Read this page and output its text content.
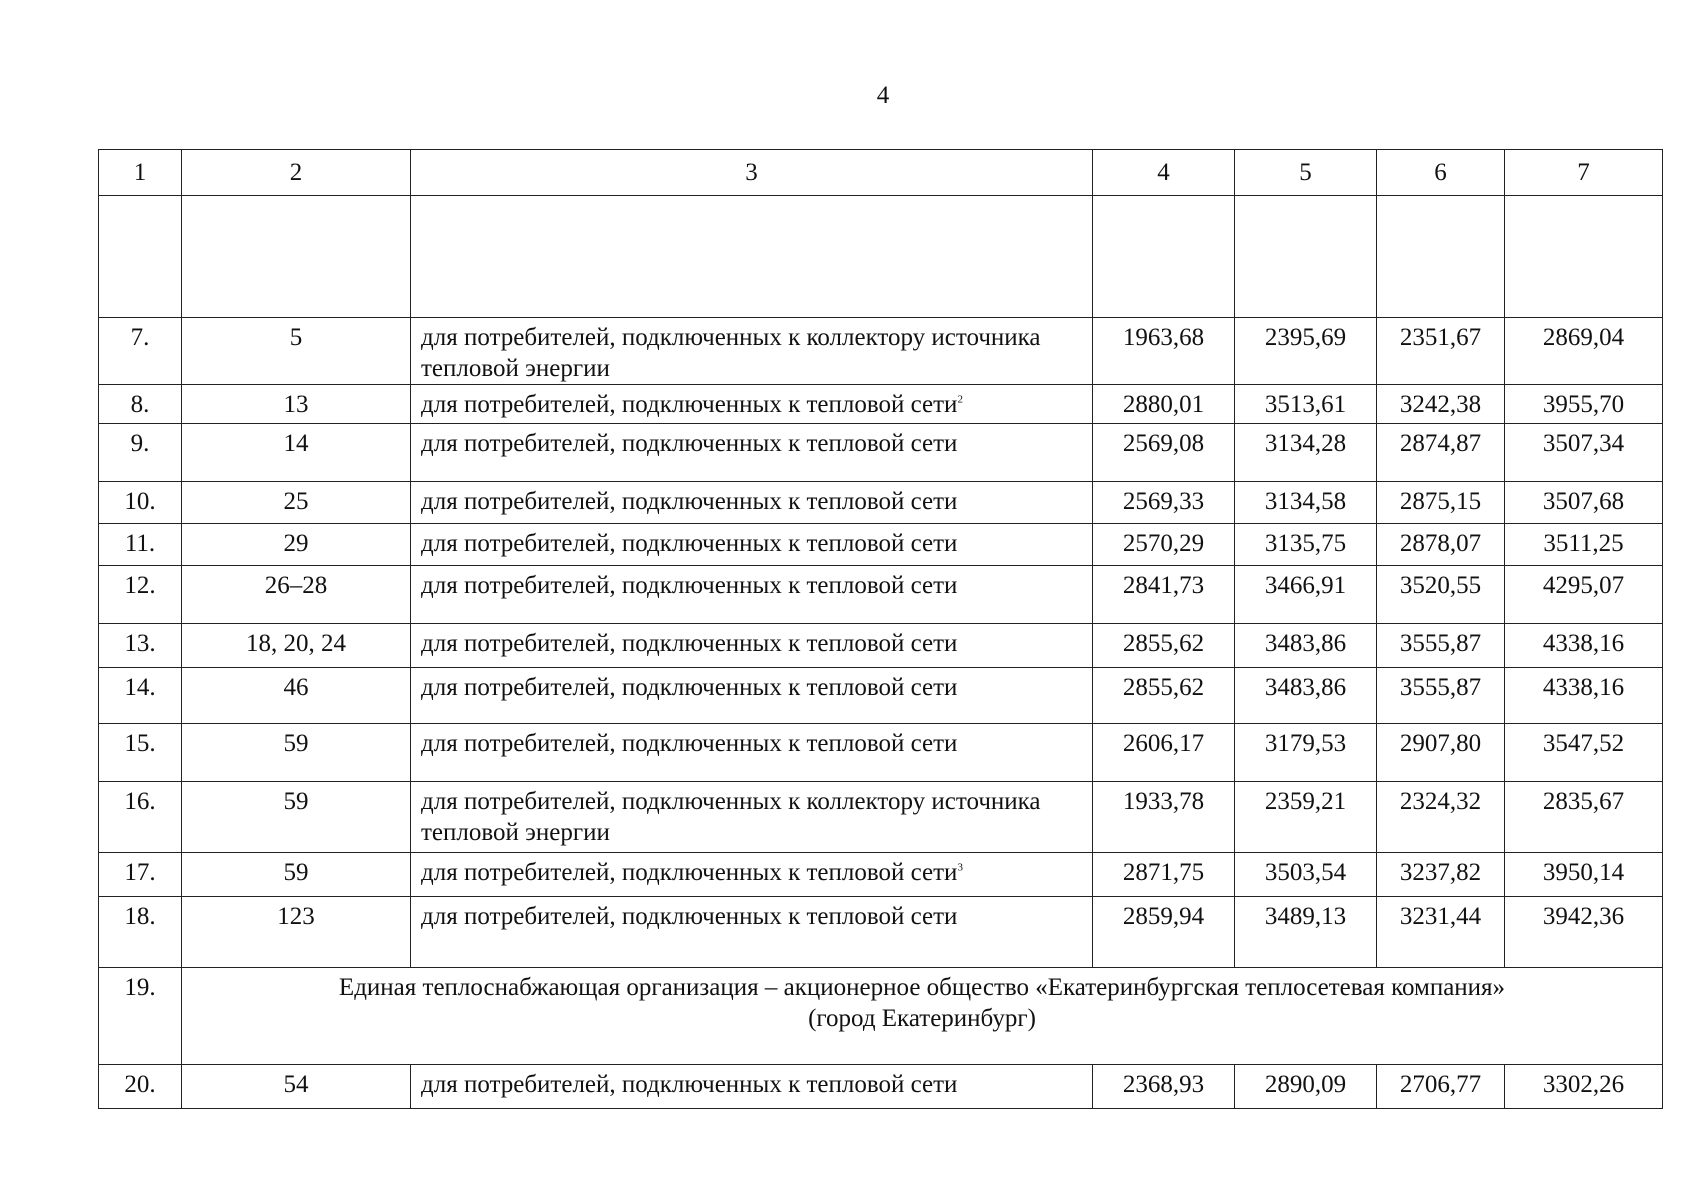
4
1	2	3	4	5	6	7

7.	5	для потребителей, подключенных к коллектору источника тепловой энергии	1963,68	2395,69	2351,67	2869,04

8.	13	для потребителей, подключенных к тепловой сети$^2$	2880,01	3513,61	3242,38	3955,70

9.	14	для потребителей, подключенных к тепловой сети	2569,08	3134,28	2874,87	3507,34

10.	25	для потребителей, подключенных к тепловой сети	2569,33	3134,58	2875,15	3507,68

11.	29	для потребителей, подключенных к тепловой сети	2570,29	3135,75	2878,07	3511,25

12.	26–28	для потребителей, подключенных к тепловой сети	2841,73	3466,91	3520,55	4295,07

13.	18, 20, 24	для потребителей, подключенных к тепловой сети	2855,62	3483,86	3555,87	4338,16

14.	46	для потребителей, подключенных к тепловой сети	2855,62	3483,86	3555,87	4338,16

15.	59	для потребителей, подключенных к тепловой сети	2606,17	3179,53	2907,80	3547,52

16.	59	для потребителей, подключенных к коллектору источника тепловой энергии	1933,78	2359,21	2324,32	2835,67

17.	59	для потребителей, подключенных к тепловой сети$^3$	2871,75	3503,54	3237,82	3950,14

18.	123	для потребителей, подключенных к тепловой сети	2859,94	3489,13	3231,44	3942,36

19.	Единая теплоснабжающая организация – акционерное общество «Екатеринбургская теплосетевая компания»
(город Екатеринбург)					

20.	54	для потребителей, подключенных к тепловой сети	2368,93	2890,09	2706,77	3302,26
